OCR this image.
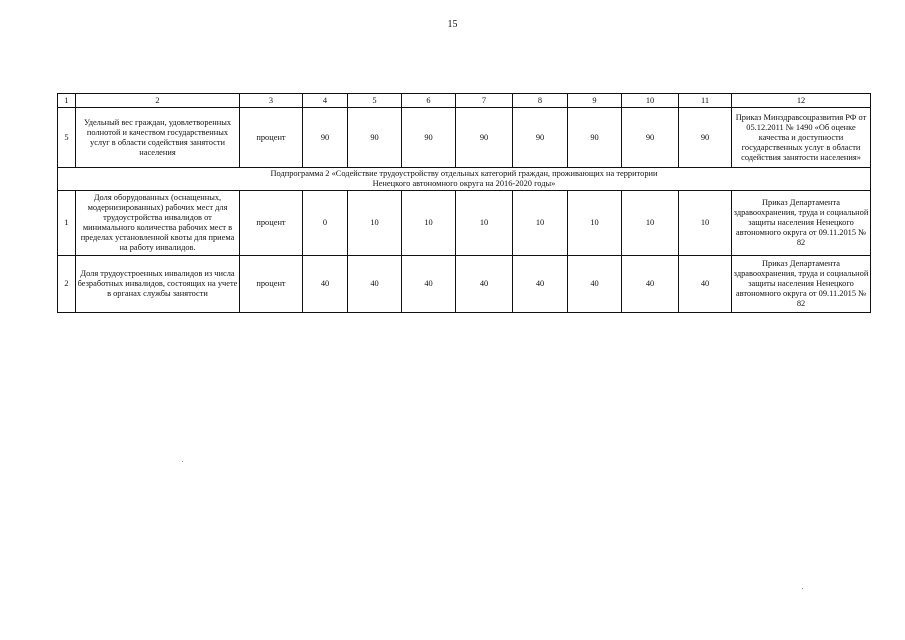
15
1	2	3	4	5	6	7	8	9	10	11	12
5	Удельный вес граждан, удовлетворенных полнотой и качеством государственных услуг в области содействия занятости населения	процент	90	90	90	90	90	90	90	90	Приказ Минздравсоцразвития РФ от 05.12.2011 № 1490 «Об оценке качества и доступности государственных услуг в области содействия занятости населения»

Подпрограмма 2 «Содействие трудоустройству отдельных категорий граждан, проживающих на территории
Ненецкого автономного округа на 2016-2020 годы»											

1	Доля оборудованных (оснащенных, модернизированных) рабочих мест для трудоустройства инвалидов от минимального количества рабочих мест в пределах установленной квоты для приема на работу инвалидов.	процент	0	10	10	10	10	10	10	10	Приказ Департамента здравоохранения, труда и социальной защиты населения Ненецкого автономного округа от 09.11.2015 № 82
2	Доля трудоустроенных инвалидов из числа безработных инвалидов, состоящих на учете в органах службы занятости	процент	40	40	40	40	40	40	40	40	Приказ Департамента здравоохранения, труда и социальной защиты населения Ненецкого автономного округа от 09.11.2015 № 82
